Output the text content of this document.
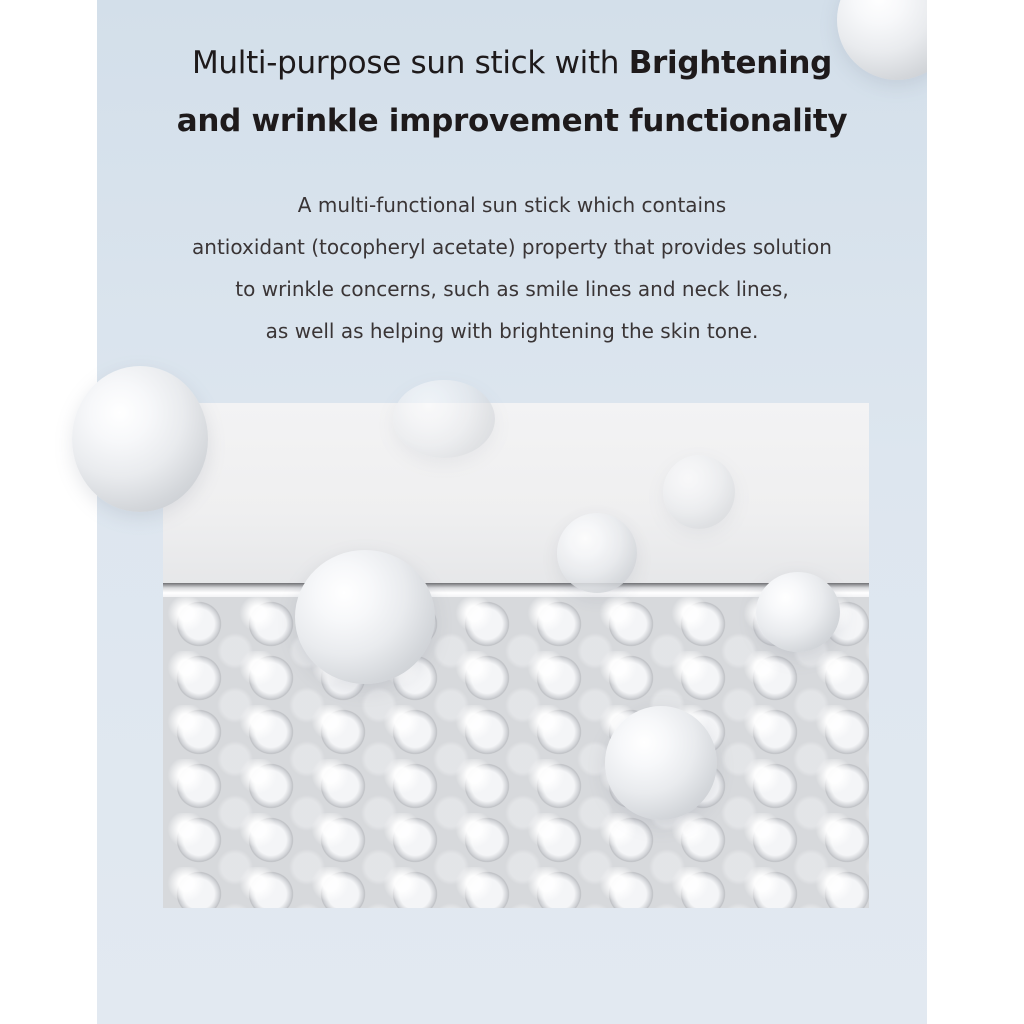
Multi-purpose sun stick with Brightening
and wrinkle improvement functionality

A multi-functional sun stick which contains
antioxidant (tocopheryl acetate) property that provides solution
to wrinkle concerns, such as smile lines and neck lines,
as well as helping with brightening the skin tone.
